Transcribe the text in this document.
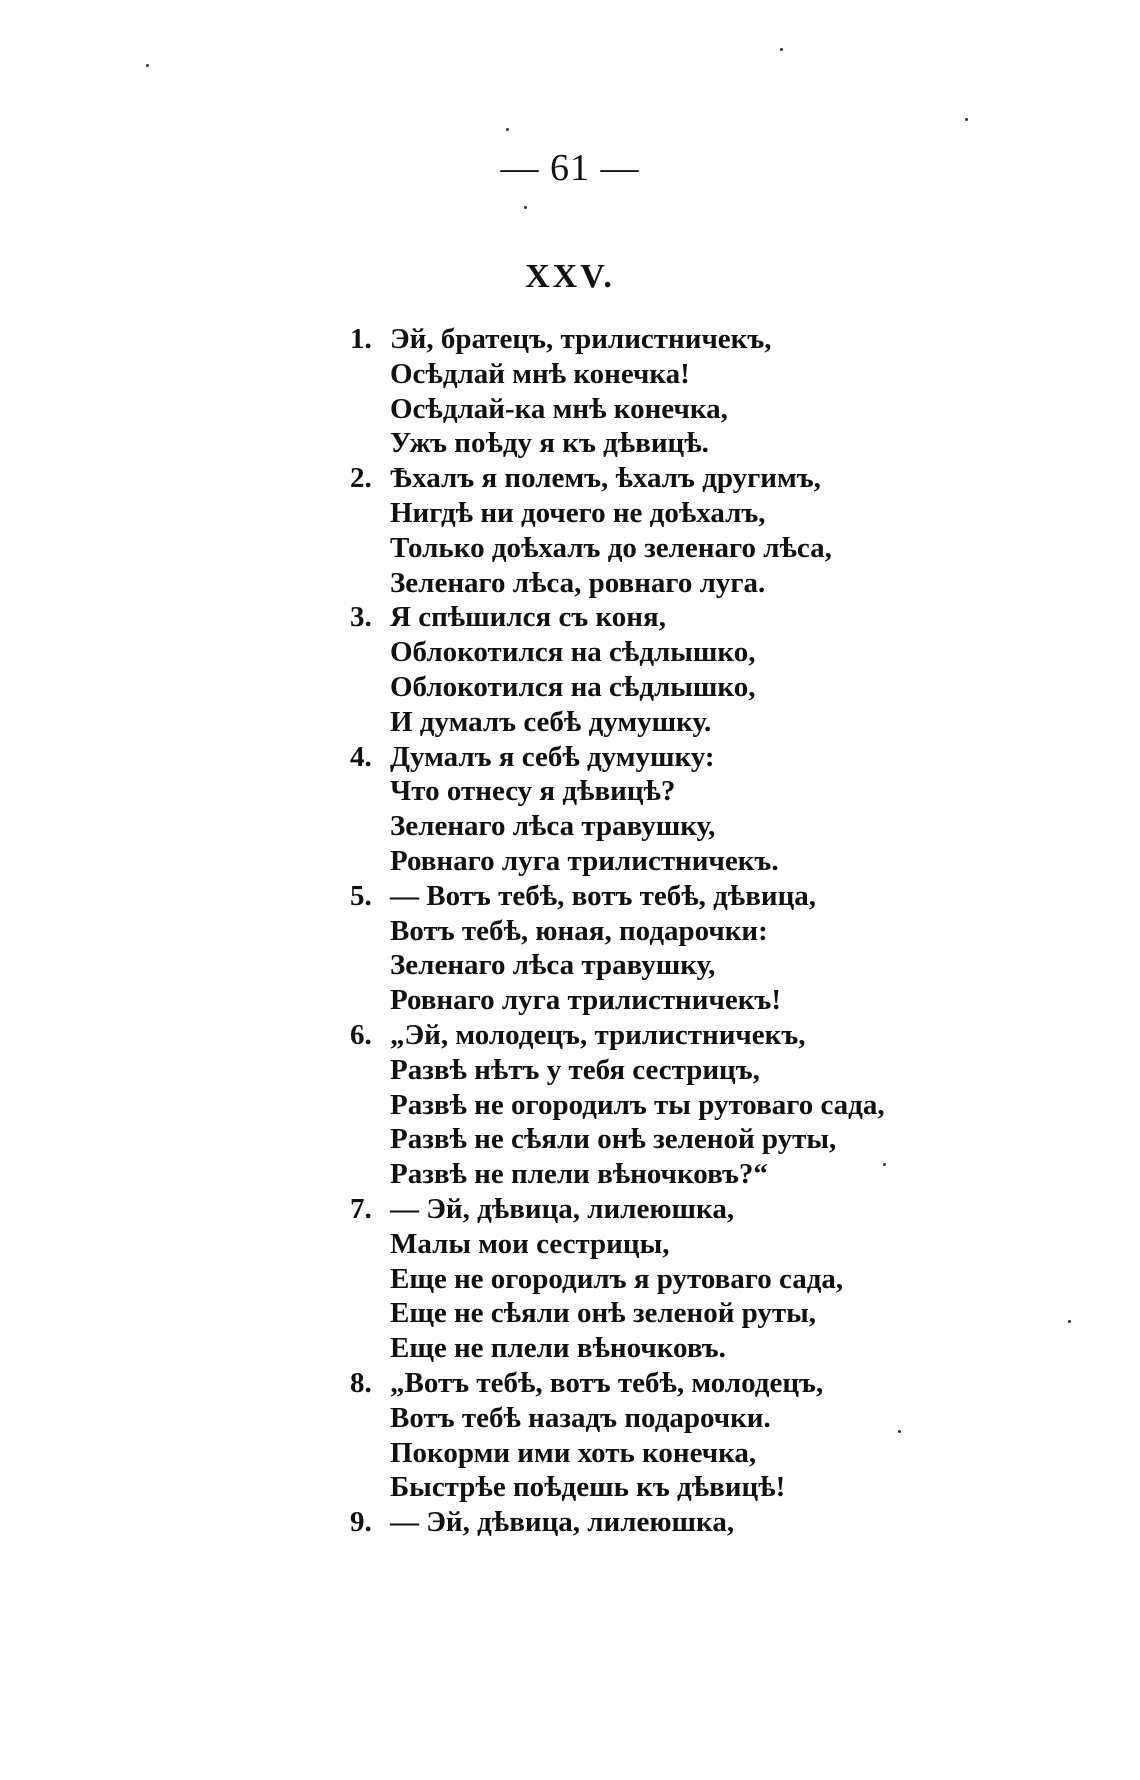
— 61 —
XXV.
1. Эй, братецъ, трилистничекъ,
Осѣдлай мнѣ конечка!
Осѣдлай-ка мнѣ конечка,
Ужъ поѣду я къ дѣвицѣ.
2. Ѣхалъ я полемъ, ѣхалъ другимъ,
Нигдѣ ни дочего не доѣхалъ,
Только доѣхалъ до зеленаго лѣса,
Зеленаго лѣса, ровнаго луга.
3. Я спѣшился съ коня,
Облокотился на сѣдлышко,
Облокотился на сѣдлышко,
И думалъ себѣ думушку.
4. Думалъ я себѣ думушку:
Что отнесу я дѣвицѣ?
Зеленаго лѣса травушку,
Ровнаго луга трилистничекъ.
5. — Вотъ тебѣ, вотъ тебѣ, дѣвица,
Вотъ тебѣ, юная, подарочки:
Зеленаго лѣса травушку,
Ровнаго луга трилистничекъ!
6. „Эй, молодецъ, трилистничекъ,
Развѣ нѣтъ у тебя сестрицъ,
Развѣ не огородилъ ты рутоваго сада,
Развѣ не сѣяли онѣ зеленой руты,
Развѣ не плели вѣночковъ?“
7. — Эй, дѣвица, лилеюшка,
Малы мои сестрицы,
Еще не огородилъ я рутоваго сада,
Еще не сѣяли онѣ зеленой руты,
Еще не плели вѣночковъ.
8. „Вотъ тебѣ, вотъ тебѣ, молодецъ,
Вотъ тебѣ назадъ подарочки.
Покорми ими хоть конечка,
Быстрѣе поѣдешь къ дѣвицѣ!
9. — Эй, дѣвица, лилеюшка,
